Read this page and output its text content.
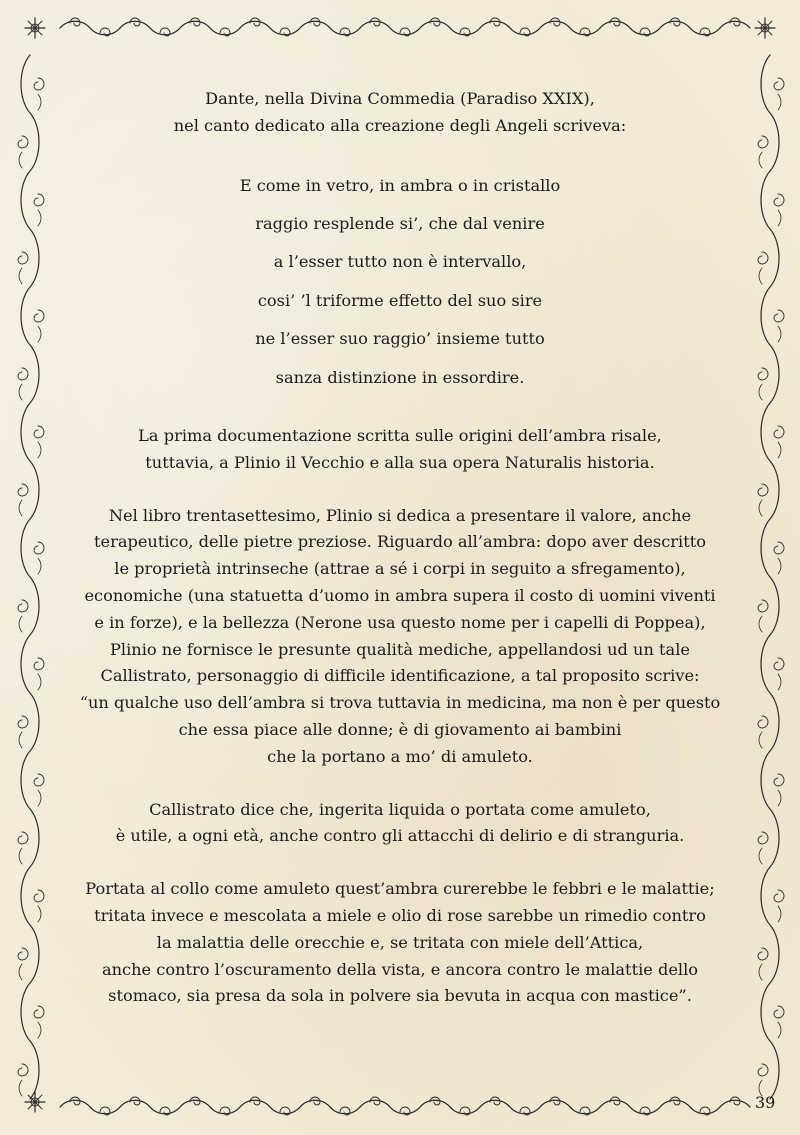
Dante, nella Divina Commedia (Paradiso XXIX),
nel canto dedicato alla creazione degli Angeli scriveva:

E come in vetro, in ambra o in cristallo
raggio resplende si’, che dal venire
a l’esser tutto non è intervallo,
cosi’ ’l triforme effetto del suo sire
ne l’esser suo raggio’ insieme tutto
sanza distinzione in essordire.

La prima documentazione scritta sulle origini dell’ambra risale,
tuttavia, a Plinio il Vecchio e alla sua opera Naturalis historia.

Nel libro trentasettesimo, Plinio si dedica a presentare il valore, anche
terapeutico, delle pietre preziose. Riguardo all’ambra: dopo aver descritto
le proprietà intrinseche (attrae a sé i corpi in seguito a sfregamento),
economiche (una statuetta d’uomo in ambra supera il costo di uomini viventi
e in forze), e la bellezza (Nerone usa questo nome per i capelli di Poppea),
Plinio ne fornisce le presunte qualità mediche, appellandosi ud un tale
Callistrato, personaggio di difficile identificazione, a tal proposito scrive:
“un qualche uso dell’ambra si trova tuttavia in medicina, ma non è per questo
che essa piace alle donne; è di giovamento ai bambini
che la portano a mo’ di amuleto.

Callistrato dice che, ingerita liquida o portata come amuleto,
è utile, a ogni età, anche contro gli attacchi di delirio e di stranguria.

Portata al collo come amuleto quest’ambra curerebbe le febbri e le malattie;
tritata invece e mescolata a miele e olio di rose sarebbe un rimedio contro
la malattia delle orecchie e, se tritata con miele dell’Attica,
anche contro l’oscuramento della vista, e ancora contro le malattie dello
stomaco, sia presa da sola in polvere sia bevuta in acqua con mastice”.

39
